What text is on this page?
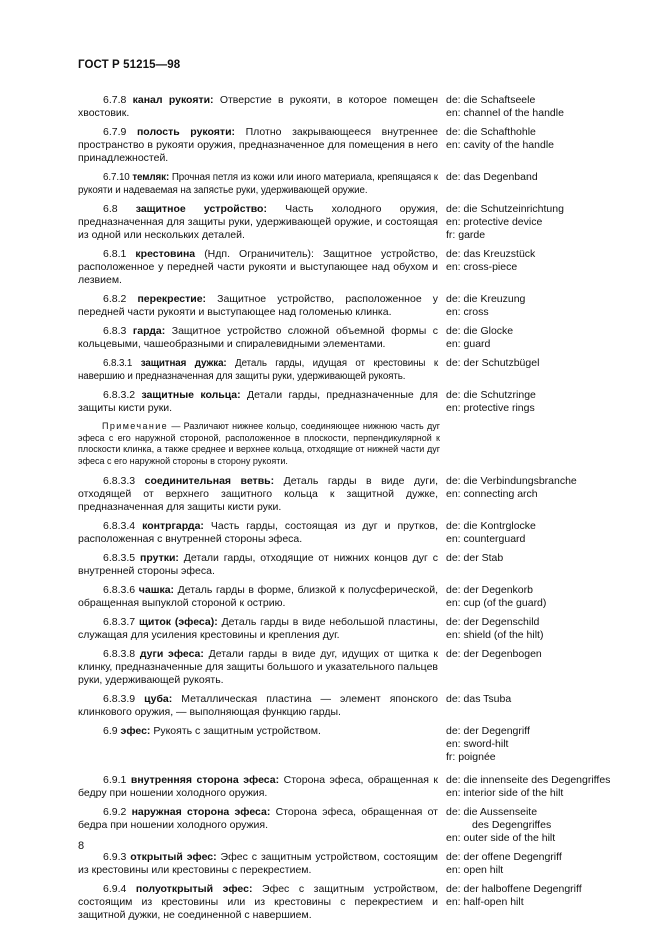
ГОСТ Р 51215—98

6.7.8 канал рукояти: Отверстие в рукояти, в которое помещен хвостовик.

de: die Schaftseele
en: channel of the handle

6.7.9 полость рукояти: Плотно закрывающееся внутреннее пространство в рукояти оружия, предназначенное для помещения в него принадлежностей.

de: die Schafthohle
en: cavity of the handle

6.7.10 темляк: Прочная петля из кожи или иного материала, крепящаяся к рукояти и надеваемая на запястье руки, удерживающей оружие.

de: das Degenband

6.8 защитное устройство: Часть холодного оружия, предназначенная для защиты руки, удерживающей оружие, и состоящая из одной или нескольких деталей.

de: die Schutzeinrichtung
en: protective device
fr: garde

6.8.1 крестовина (Ндп. Ограничитель): Защитное устройство, расположенное у передней части рукояти и выступающее над обухом и лезвием.

de: das Kreuzstück
en: cross-piece

6.8.2 перекрестие: Защитное устройство, расположенное у передней части рукояти и выступающее над голоменью клинка.

de: die Kreuzung
en: cross

6.8.3 гарда: Защитное устройство сложной объемной формы с кольцевыми, чашеобразными и спиралевидными элементами.

de: die Glocke
en: guard

6.8.3.1 защитная дужка: Деталь гарды, идущая от крестовины к навершию и предназначенная для защиты руки, удерживающей рукоять.

de: der Schutzbügel

6.8.3.2 защитные кольца: Детали гарды, предназначенные для защиты кисти руки.

de: die Schutzringe
en: protective rings

Примечание — Различают нижнее кольцо, соединяющее нижнюю часть дуг эфеса с его наружной стороной, расположенное в плоскости, перпендикулярной к плоскости клинка, а также среднее и верхнее кольца, отходящие от нижней части дуг эфеса с его наружной стороны в сторону рукояти.

6.8.3.3 соединительная ветвь: Деталь гарды в виде дуги, отходящей от верхнего защитного кольца к защитной дужке, предназначенная для защиты кисти руки.

de: die Verbindungsbranche
en: connecting arch

6.8.3.4 контргарда: Часть гарды, состоящая из дуг и прутков, расположенная с внутренней стороны эфеса.

de: die Kontrglocke
en: counterguard

6.8.3.5 прутки: Детали гарды, отходящие от нижних концов дуг с внутренней стороны эфеса.

de: der Stab

6.8.3.6 чашка: Деталь гарды в форме, близкой к полусферической, обращенная выпуклой стороной к острию.

de: der Degenkorb
en: cup (of the guard)

6.8.3.7 щиток (эфеса): Деталь гарды в виде небольшой пластины, служащая для усиления крестовины и крепления дуг.

de: der Degenschild
en: shield (of the hilt)

6.8.3.8 дуги эфеса: Детали гарды в виде дуг, идущих от щитка к клинку, предназначенные для защиты большого и указательного пальцев руки, удерживающей рукоять.

de: der Degenbogen

6.8.3.9 цуба: Металлическая пластина — элемент японского клинкового оружия, — выполняющая функцию гарды.

de: das Tsuba

6.9 эфес: Рукоять с защитным устройством.	de: der Degengriff
en: sword-hilt
fr: poignée

6.9.1 внутренняя сторона эфеса: Сторона эфеса, обращенная к бедру при ношении холодного оружия.

de: die innenseite des Degengriffes
en: interior side of the hilt

6.9.2 наружная сторона эфеса: Сторона эфеса, обращенная от бедра при ношении холодного оружия.

de: die Aussenseite
des Degengriffes
en: outer side of the hilt

6.9.3 открытый эфес: Эфес с защитным устройством, состоящим из крестовины или крестовины с перекрестием.

de: der offene Degengriff
en: open hilt

6.9.4 полуоткрытый эфес: Эфес с защитным устройством, состоящим из крестовины или из крестовины с перекрестием и защитной дужки, не соединенной с навершием.

de: der halboffene Degengriff
en: half-open hilt
8
